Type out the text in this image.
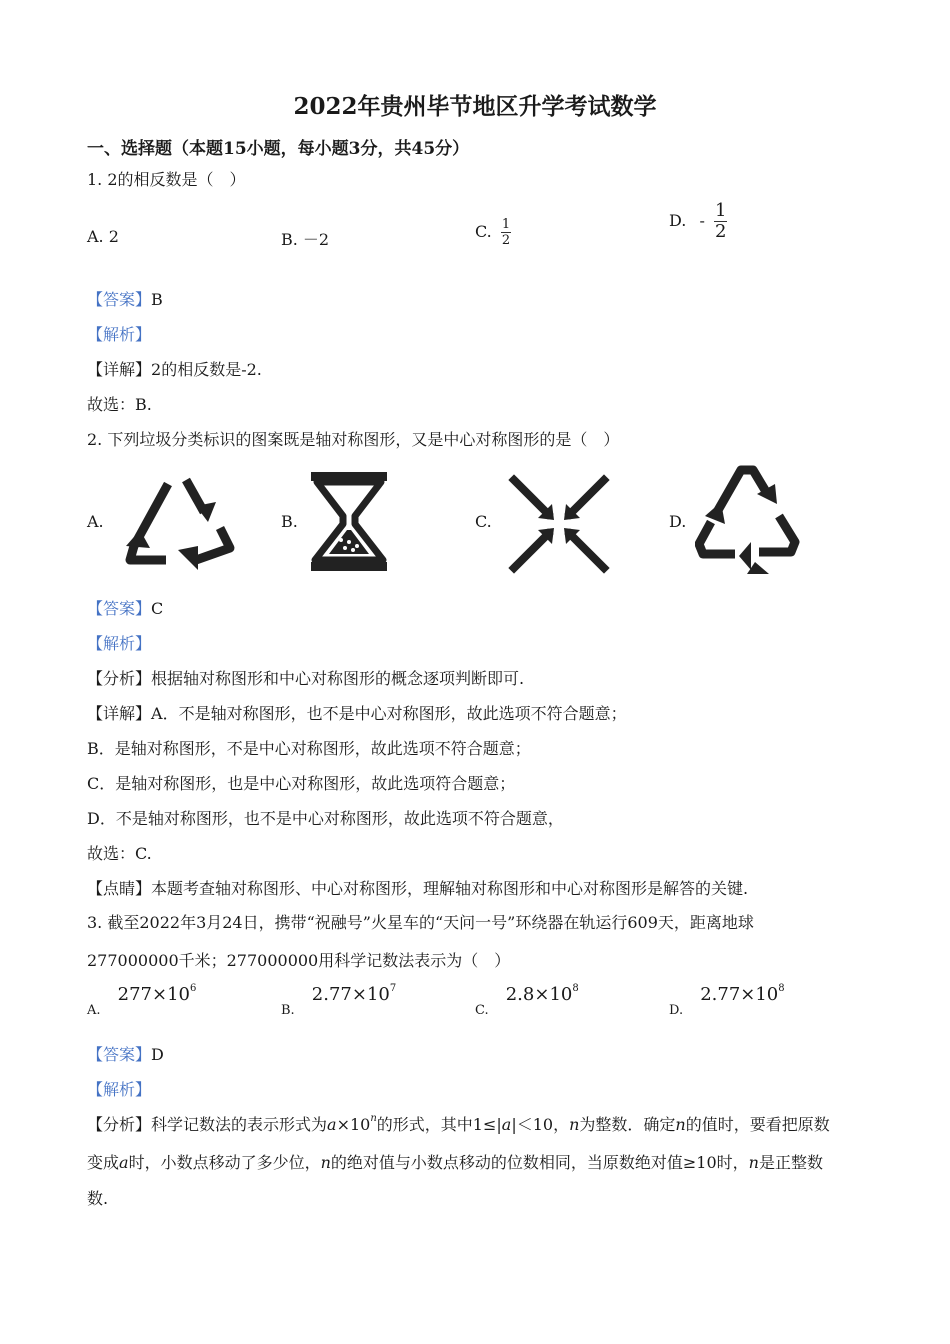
2022年贵州毕节地区升学考试数学
一、选择题（本题15小题，每小题3分，共45分）
1. 2的相反数是（　）
A. 2	B. －2	C. $\frac{1}{2}$	D. - $\frac{1}{2}$
【答案】B
【解析】
【详解】2的相反数是-2.
故选：B.
2. 下列垃圾分类标识的图案既是轴对称图形，又是中心对称图形的是（　）
A.	B.	C.	D.
【答案】C
【解析】
【分析】根据轴对称图形和中心对称图形的概念逐项判断即可.
【详解】A．不是轴对称图形，也不是中心对称图形，故此选项不符合题意；
B．是轴对称图形，不是中心对称图形，故此选项不符合题意；
C．是轴对称图形，也是中心对称图形，故此选项符合题意；
D．不是轴对称图形，也不是中心对称图形，故此选项不符合题意，
故选：C.
【点睛】本题考查轴对称图形、中心对称图形，理解轴对称图形和中心对称图形是解答的关键.
3. 截至2022年3月24日，携带“祝融号”火星车的“天问一号”环绕器在轨运行609天，距离地球
277000000千米；277000000用科学记数法表示为（　）
$_{A.}$ $277\times 10^6$
$_{B.}$ $2.77\times 10^7$
$_{C.}$ $2.8\times 10^8$
$_{D.}$ $2.77\times 10^8$
【答案】D
【解析】
【分析】科学记数法的表示形式为$a\times 10^n$的形式，其中1≤|a|＜10，n为整数．确定n的值时，要看把原数
变成a时，小数点移动了多少位，n的绝对值与小数点移动的位数相同，当原数绝对值≥10时，n是正整数
数.
